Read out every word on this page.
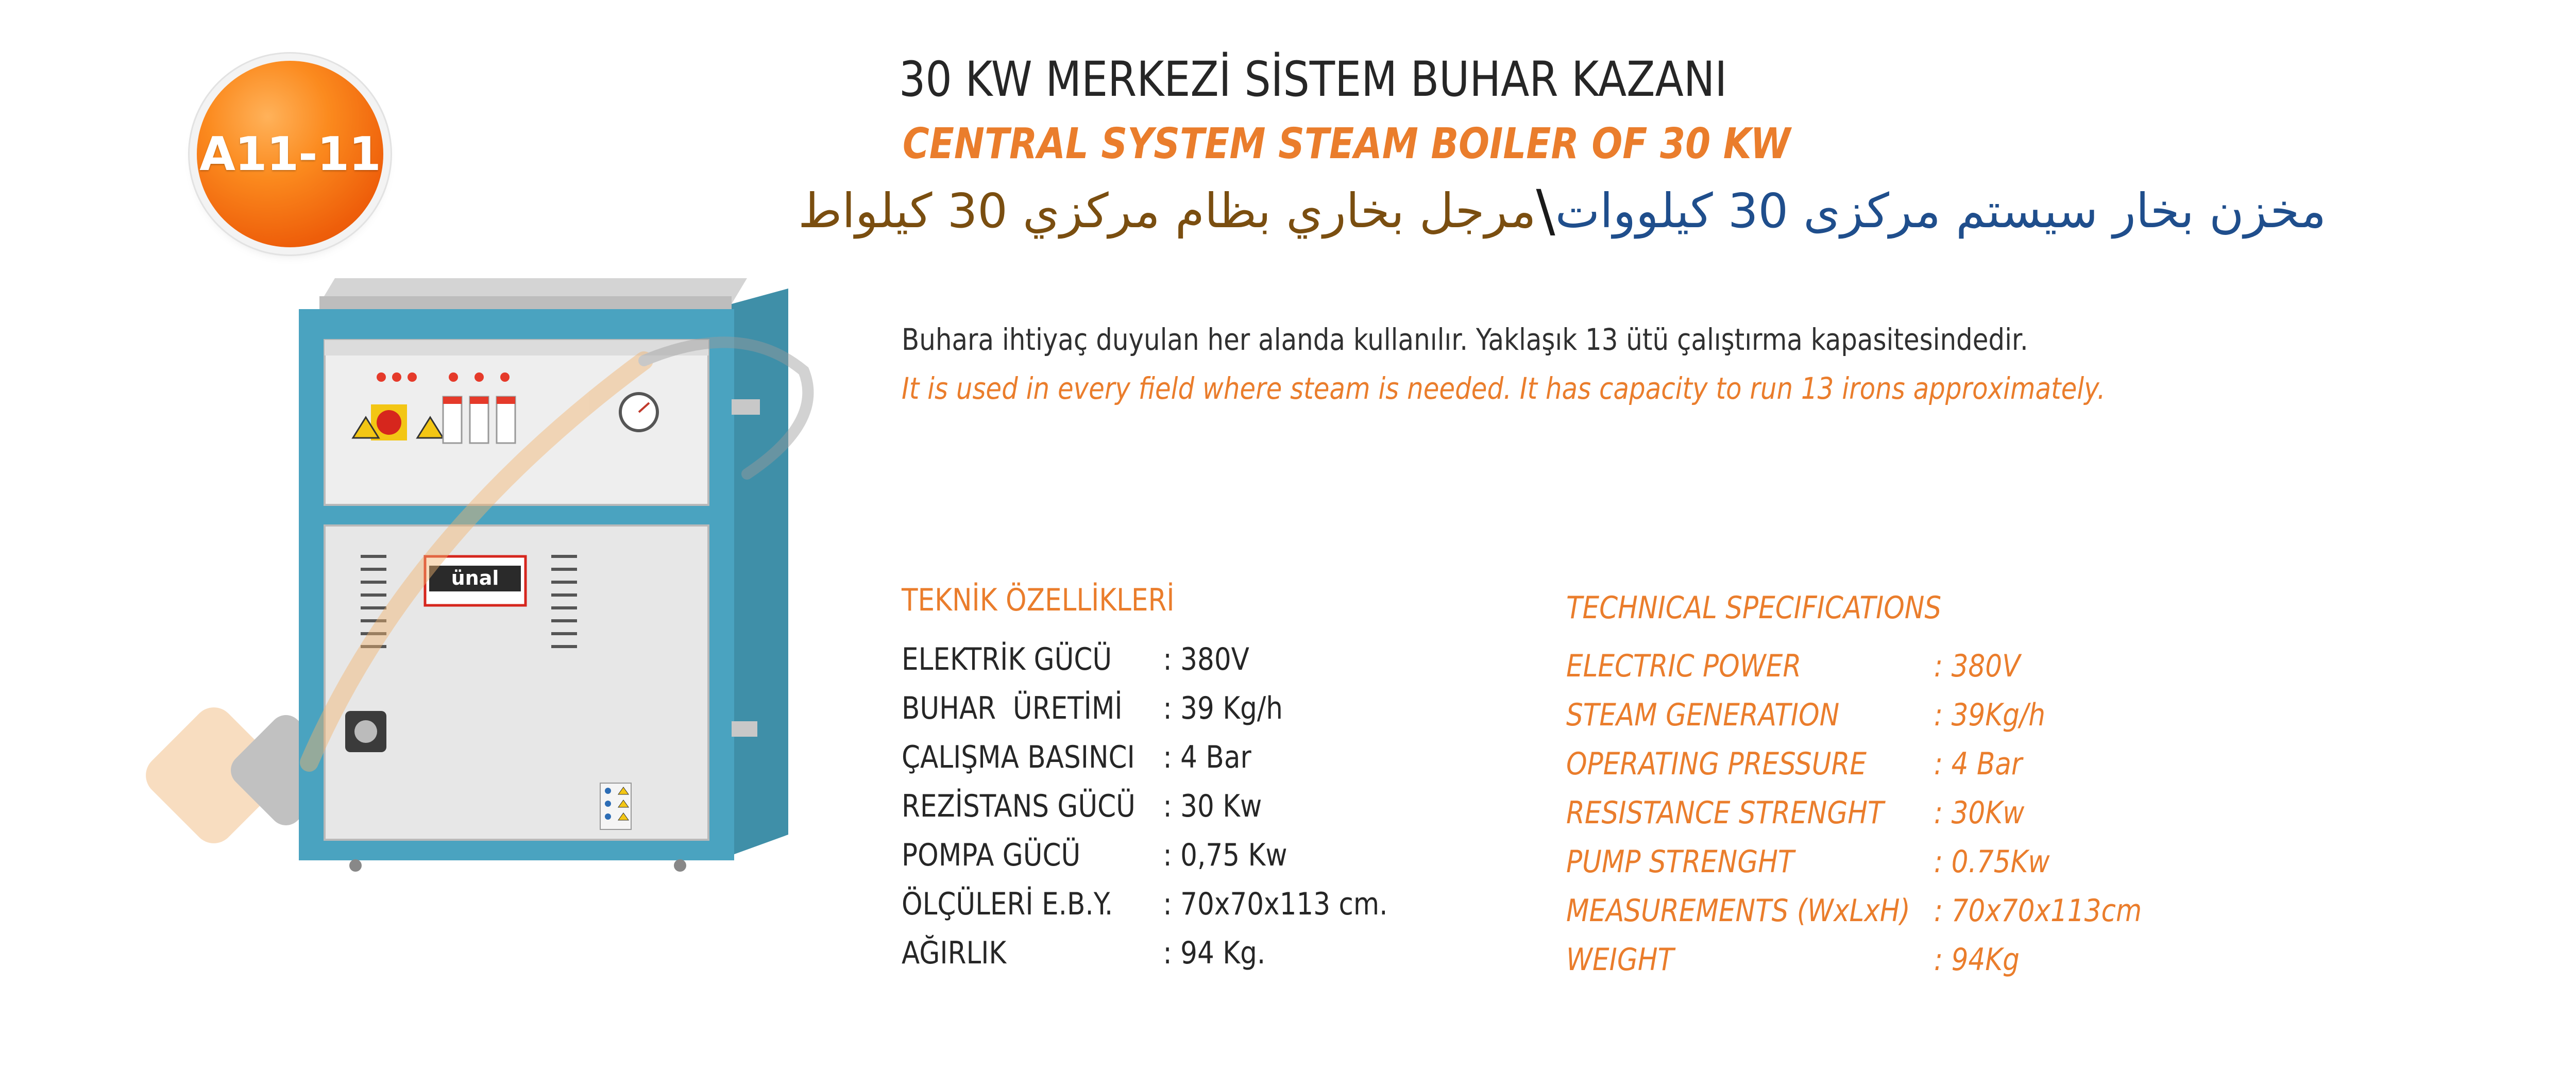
A11-11
ünal
30 KW MERKEZİ SİSTEM BUHAR KAZANI
CENTRAL SYSTEM STEAM BOILER OF 30 KW
مخزن بخار سیستم مرکزی 30 کیلووات
\
مرجل بخاري بظام مركزي 30 كيلواط
Buhara ihtiyaç duyulan her alanda kullanılır. Yaklaşık 13 ütü çalıştırma kapasitesindedir.
It is used in every field where steam is needed. It has capacity to run 13 irons approximately.
TEKNİK ÖZELLİKLERİ
ELEKTRİK GÜCÜ	: 380V
BUHAR  ÜRETİMİ	: 39 Kg/h
ÇALIŞMA BASINCI : 4 Bar
REZİSTANS GÜCÜ : 30 Kw
POMPA GÜCÜ	: 0,75 Kw
ÖLÇÜLERİ E.B.Y.	: 70x70x113 cm.
AĞIRLIK	: 94 Kg.
TECHNICAL SPECIFICATIONS
ELECTRIC POWER	: 380V
STEAM GENERATION	: 39Kg/h
OPERATING PRESSURE	: 4 Bar
RESISTANCE STRENGHT	: 30Kw
PUMP STRENGHT	: 0.75Kw
MEASUREMENTS (WxLxH) : 70x70x113cm
WEIGHT	: 94Kg
